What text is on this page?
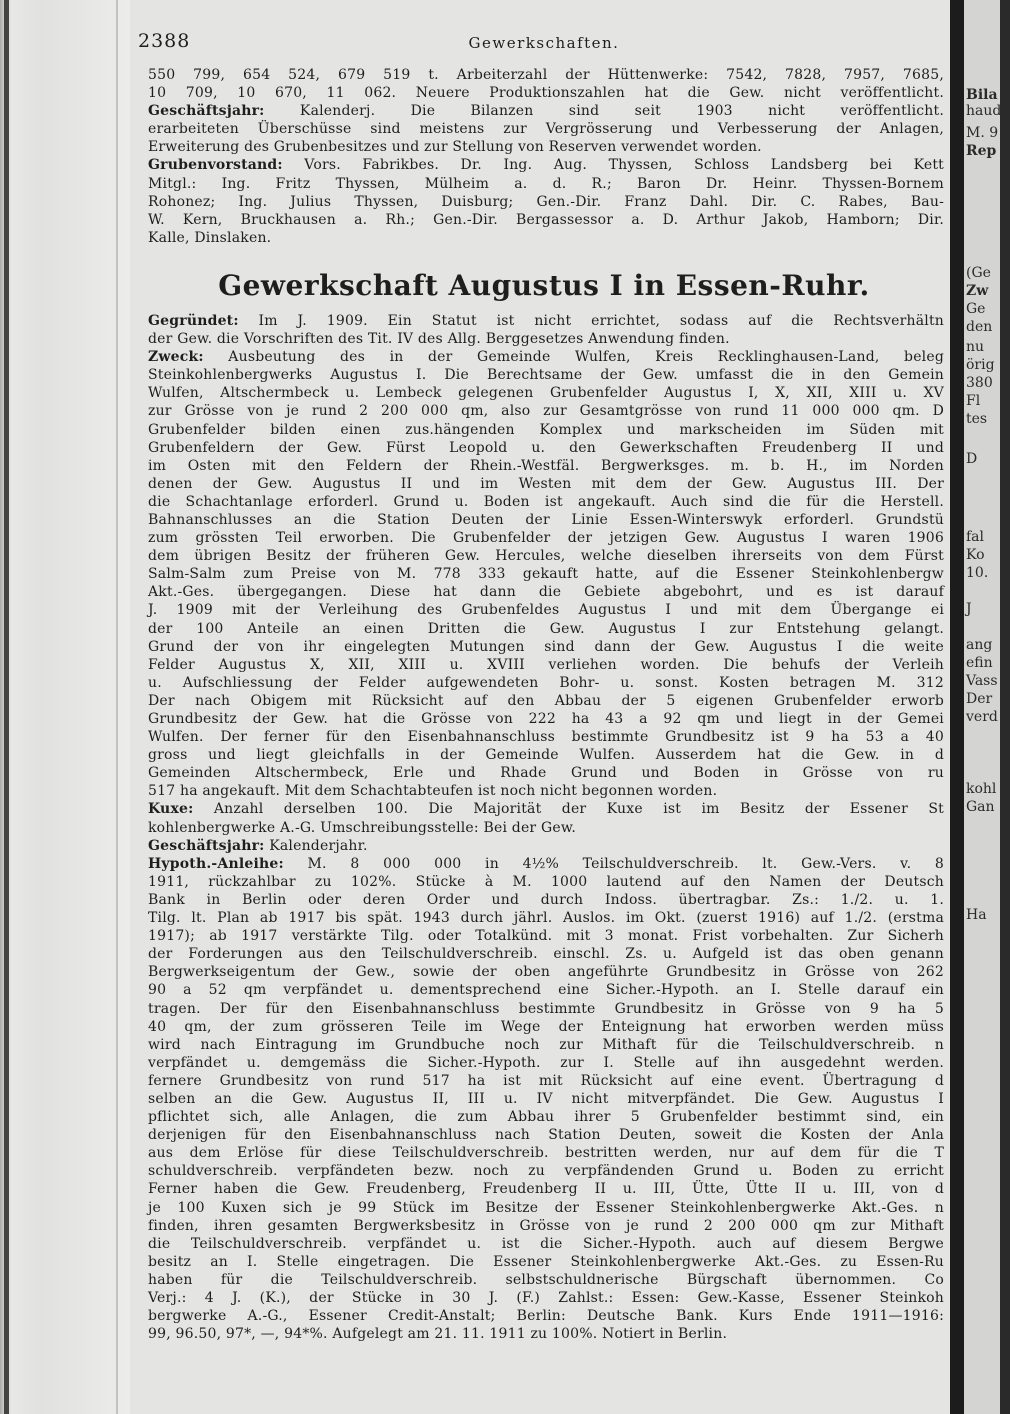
Bila
haude
M. 9
Rep
(Ge
Zw
Ge
den
nu
örig
380
Fl
tes
D
fal
Ko
10.
J
ang
efin
Vass
Der
verd
kohl
Gan
Ha
2388	Gewerkschaften.

550 799, 654 524, 679 519 t. Arbeiterzahl der Hüttenwerke: 7542, 7828, 7957, 7685,

10 709, 10 670, 11 062. Neuere Produktionszahlen hat die Gew. nicht veröffentlicht.

Geschäftsjahr: Kalenderj. Die Bilanzen sind seit 1903 nicht veröffentlicht.

erarbeiteten Überschüsse sind meistens zur Vergrösserung und Verbesserung der Anlagen,

Erweiterung des Grubenbesitzes und zur Stellung von Reserven verwendet worden.

Grubenvorstand: Vors. Fabrikbes. Dr. Ing. Aug. Thyssen, Schloss Landsberg bei Kett

Mitgl.: Ing. Fritz Thyssen, Mülheim a. d. R.; Baron Dr. Heinr. Thyssen-Bornem

Rohonez; Ing. Julius Thyssen, Duisburg; Gen.-Dir. Franz Dahl. Dir. C. Rabes, Bau-

W. Kern, Bruckhausen a. Rh.; Gen.-Dir. Bergassessor a. D. Arthur Jakob, Hamborn; Dir.

Kalle, Dinslaken.

Gewerkschaft Augustus I in Essen-Ruhr.

Gegründet: Im J. 1909. Ein Statut ist nicht errichtet, sodass auf die Rechtsverhältn

der Gew. die Vorschriften des Tit. IV des Allg. Berggesetzes Anwendung finden.

Zweck: Ausbeutung des in der Gemeinde Wulfen, Kreis Recklinghausen-Land, beleg

Steinkohlenbergwerks Augustus I. Die Berechtsame der Gew. umfasst die in den Gemein

Wulfen, Altschermbeck u. Lembeck gelegenen Grubenfelder Augustus I, X, XII, XIII u. XV

zur Grösse von je rund 2 200 000 qm, also zur Gesamtgrösse von rund 11 000 000 qm. D

Grubenfelder bilden einen zus.hängenden Komplex und markscheiden im Süden mit

Grubenfeldern der Gew. Fürst Leopold u. den Gewerkschaften Freudenberg II und

im Osten mit den Feldern der Rhein.-Westfäl. Bergwerksges. m. b. H., im Norden

denen der Gew. Augustus II und im Westen mit dem der Gew. Augustus III. Der

die Schachtanlage erforderl. Grund u. Boden ist angekauft. Auch sind die für die Herstell.

Bahnanschlusses an die Station Deuten der Linie Essen-Winterswyk erforderl. Grundstü

zum grössten Teil erworben. Die Grubenfelder der jetzigen Gew. Augustus I waren 1906

dem übrigen Besitz der früheren Gew. Hercules, welche dieselben ihrerseits von dem Fürst

Salm-Salm zum Preise von M. 778 333 gekauft hatte, auf die Essener Steinkohlenbergw

Akt.-Ges. übergegangen. Diese hat dann die Gebiete abgebohrt, und es ist darauf

J. 1909 mit der Verleihung des Grubenfeldes Augustus I und mit dem Übergange ei

der 100 Anteile an einen Dritten die Gew. Augustus I zur Entstehung gelangt.

Grund der von ihr eingelegten Mutungen sind dann der Gew. Augustus I die weite

Felder Augustus X, XII, XIII u. XVIII verliehen worden. Die behufs der Verleih

u. Aufschliessung der Felder aufgewendeten Bohr- u. sonst. Kosten betragen M. 312

Der nach Obigem mit Rücksicht auf den Abbau der 5 eigenen Grubenfelder erworb

Grundbesitz der Gew. hat die Grösse von 222 ha 43 a 92 qm und liegt in der Gemei

Wulfen. Der ferner für den Eisenbahnanschluss bestimmte Grundbesitz ist 9 ha 53 a 40

gross und liegt gleichfalls in der Gemeinde Wulfen. Ausserdem hat die Gew. in d

Gemeinden Altschermbeck, Erle und Rhade Grund und Boden in Grösse von ru

517 ha angekauft. Mit dem Schachtabteufen ist noch nicht begonnen worden.

Kuxe: Anzahl derselben 100. Die Majorität der Kuxe ist im Besitz der Essener St

kohlenbergwerke A.-G. Umschreibungsstelle: Bei der Gew.

Geschäftsjahr: Kalenderjahr.

Hypoth.-Anleihe: M. 8 000 000 in 4½% Teilschuldverschreib. lt. Gew.-Vers. v. 8

1911, rückzahlbar zu 102%. Stücke à M. 1000 lautend auf den Namen der Deutsch

Bank in Berlin oder deren Order und durch Indoss. übertragbar. Zs.: 1./2. u. 1.

Tilg. lt. Plan ab 1917 bis spät. 1943 durch jährl. Auslos. im Okt. (zuerst 1916) auf 1./2. (erstma

1917); ab 1917 verstärkte Tilg. oder Totalkünd. mit 3 monat. Frist vorbehalten. Zur Sicherh

der Forderungen aus den Teilschuldverschreib. einschl. Zs. u. Aufgeld ist das oben genann

Bergwerkseigentum der Gew., sowie der oben angeführte Grundbesitz in Grösse von 262

90 a 52 qm verpfändet u. dementsprechend eine Sicher.-Hypoth. an I. Stelle darauf ein

tragen. Der für den Eisenbahnanschluss bestimmte Grundbesitz in Grösse von 9 ha 5

40 qm, der zum grösseren Teile im Wege der Enteignung hat erworben werden müss

wird nach Eintragung im Grundbuche noch zur Mithaft für die Teilschuldverschreib. n

verpfändet u. demgemäss die Sicher.-Hypoth. zur I. Stelle auf ihn ausgedehnt werden.

fernere Grundbesitz von rund 517 ha ist mit Rücksicht auf eine event. Übertragung d

selben an die Gew. Augustus II, III u. IV nicht mitverpfändet. Die Gew. Augustus I

pflichtet sich, alle Anlagen, die zum Abbau ihrer 5 Grubenfelder bestimmt sind, ein

derjenigen für den Eisenbahnanschluss nach Station Deuten, soweit die Kosten der Anla

aus dem Erlöse für diese Teilschuldverschreib. bestritten werden, nur auf dem für die T

schuldverschreib. verpfändeten bezw. noch zu verpfändenden Grund u. Boden zu erricht

Ferner haben die Gew. Freudenberg, Freudenberg II u. III, Ütte, Ütte II u. III, von d

je 100 Kuxen sich je 99 Stück im Besitze der Essener Steinkohlenbergwerke Akt.-Ges. n

finden, ihren gesamten Bergwerksbesitz in Grösse von je rund 2 200 000 qm zur Mithaft

die Teilschuldverschreib. verpfändet u. ist die Sicher.-Hypoth. auch auf diesem Bergwe

besitz an I. Stelle eingetragen. Die Essener Steinkohlenbergwerke Akt.-Ges. zu Essen-Ru

haben für die Teilschuldverschreib. selbstschuldnerische Bürgschaft übernommen. Co

Verj.: 4 J. (K.), der Stücke in 30 J. (F.) Zahlst.: Essen: Gew.-Kasse, Essener Steinkoh

bergwerke A.-G., Essener Credit-Anstalt; Berlin: Deutsche Bank. Kurs Ende 1911—1916:

99, 96.50, 97*, —, 94*%. Aufgelegt am 21. 11. 1911 zu 100%. Notiert in Berlin.
